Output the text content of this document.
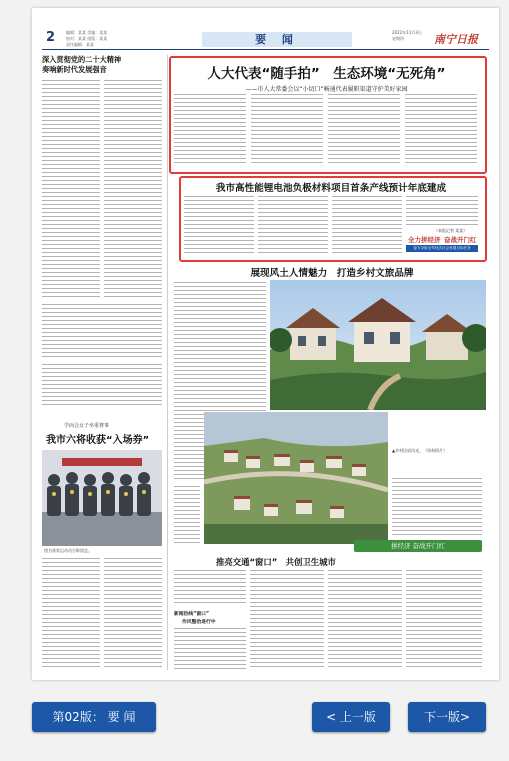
2	编辑：某某 美编：某某
校对：某某 组版：某某
责任编辑：某某	要 闻
2022年11月3日
星期四	南宁日报
深入贯彻党的二十大精神
奏响新时代发展强音
学而会女子举重赛事
我市六将收获“入场券”
图为获奖运动员合影留念。
人大代表“随手拍”　生态环境“无死角”
——市人大常委会以“小切口”畅通代表履职渠道守护美好家园
我市高性能锂电池负极材料项目首条产线预计年底建成
（本报记者 某某）
全力拼经济 奋战开门红
奋力夺取全年经济社会发展目标任务
展现风土人情魅力　打造乡村文旅品牌
▲乡村民宿风光。（资料图片）
拼经济 奋战开门红
推亮交通“窗口”　共创卫生城市
新闻热线“窗口”
作风整治进行中
第02版： 要 闻	< 上一版	下一版>
